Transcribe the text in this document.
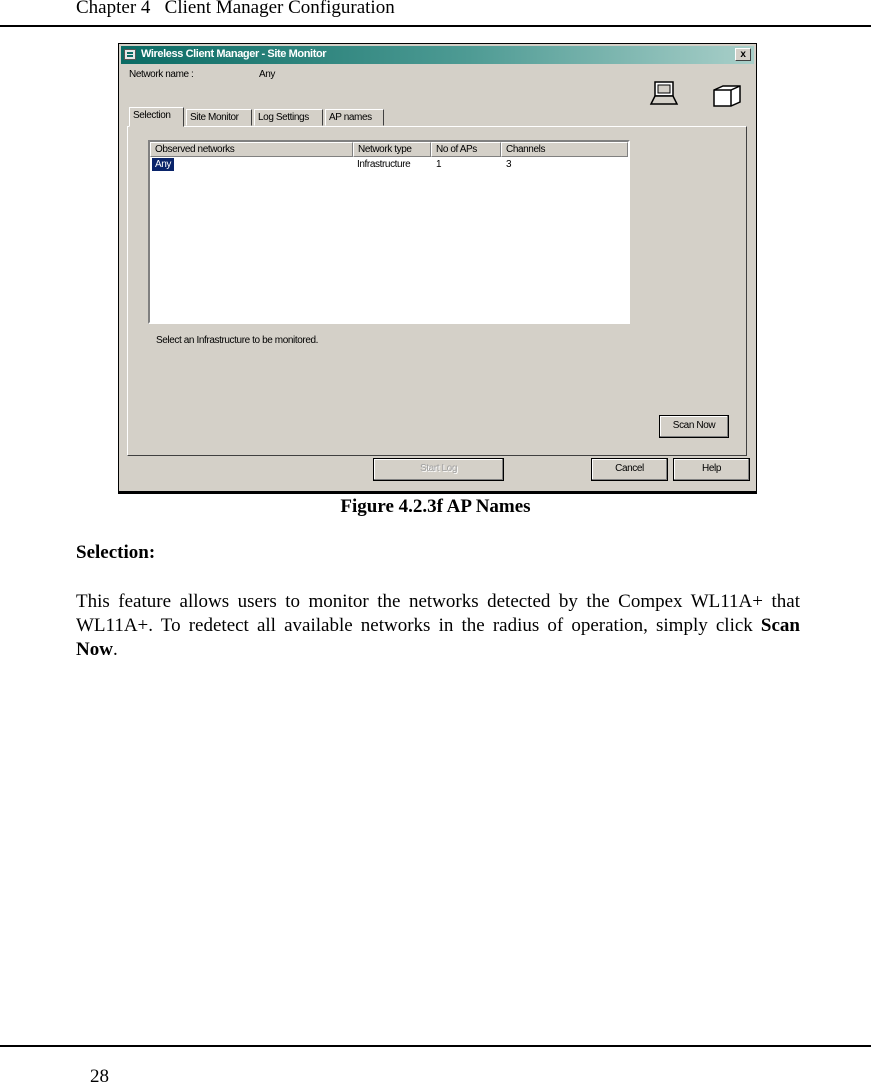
Chapter 4   Client Manager Configuration
Wireless Client Manager - Site Monitor	x
Network name :	Any
Selection	Site Monitor	Log Settings	AP names
Observed networks	Network type	No of APs	Channels
Any	Infrastructure	1	3
Select an Infrastructure to be monitored.
Scan Now
Start Log	Cancel	Help
Figure 4.2.3f AP Names
Selection:

This feature allows users to monitor the networks detected by the Compex WL11A+ that WL11A+. To redetect all available networks in the radius of operation, simply click Scan Now.

28
